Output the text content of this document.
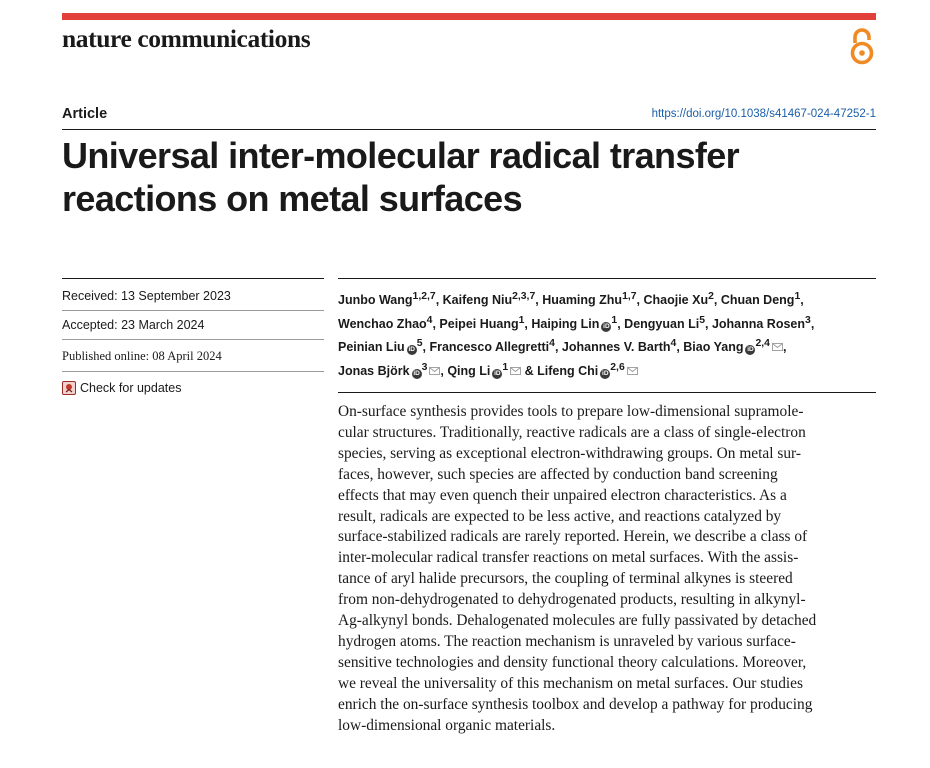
nature communications
Article	https://doi.org/10.1038/s41467-024-47252-1
Universal inter-molecular radical transfer
reactions on metal surfaces
Received: 13 September 2023
Accepted: 23 March 2024
Published online: 08 April 2024
Check for updates
Junbo Wang$^{1,2,7}$, Kaifeng Niu$^{2,3,7}$, Huaming Zhu$^{1,7}$, Chaojie Xu$^2$, Chuan Deng$^1$,
Wenchao Zhao$^4$, Peipei Huang$^1$, Haiping Lin $iD^1$, Dengyuan Li$^5$, Johanna Rosen$^3$,
Peinian Liu $iD^5$, Francesco Allegretti$^4$, Johannes V. Barth$^4$, Biao Yang iD$^{2,4}$ ,
Jonas Björk $iD^3$ , Qing Li $iD^1$ & Lifeng Chi iD$^{2,6}$
On-surface synthesis provides tools to prepare low-dimensional supramole-
cular structures. Traditionally, reactive radicals are a class of single-electron
species, serving as exceptional electron-withdrawing groups. On metal sur-
faces, however, such species are affected by conduction band screening
effects that may even quench their unpaired electron characteristics. As a
result, radicals are expected to be less active, and reactions catalyzed by
surface-stabilized radicals are rarely reported. Herein, we describe a class of
inter-molecular radical transfer reactions on metal surfaces. With the assis-
tance of aryl halide precursors, the coupling of terminal alkynes is steered
from non-dehydrogenated to dehydrogenated products, resulting in alkynyl-
Ag-alkynyl bonds. Dehalogenated molecules are fully passivated by detached
hydrogen atoms. The reaction mechanism is unraveled by various surface-
sensitive technologies and density functional theory calculations. Moreover,
we reveal the universality of this mechanism on metal surfaces. Our studies
enrich the on-surface synthesis toolbox and develop a pathway for producing
low-dimensional organic materials.
